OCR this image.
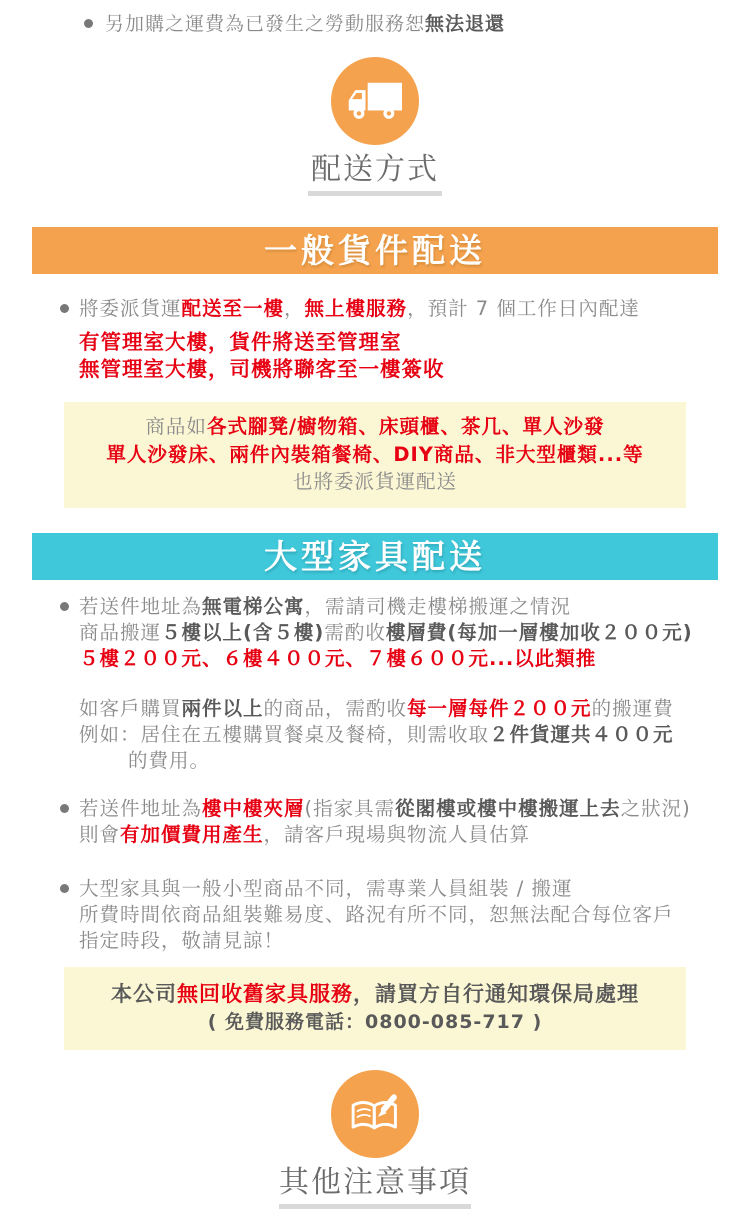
另加購之運費為已發生之勞動服務恕無法退還
配送方式
一般貨件配送
將委派貨運配送至一樓，無上樓服務，預計 7 個工作日內配達
有管理室大樓，貨件將送至管理室
無管理室大樓，司機將聯客至一樓簽收
商品如各式腳凳/櫥物箱、床頭櫃、茶几、單人沙發
單人沙發床、兩件內裝箱餐椅、DIY商品、非大型櫃類...等
也將委派貨運配送
大型家具配送
若送件地址為無電梯公寓，需請司機走樓梯搬運之情況
商品搬運５樓以上(含５樓)需酌收樓層費(每加一層樓加收２００元)
５樓２００元、６樓４００元、７樓６００元...以此類推
如客戶購買兩件以上的商品，需酌收每一層每件２００元的搬運費
例如：居住在五樓購買餐桌及餐椅，則需收取２件貨運共４００元
的費用。
若送件地址為樓中樓夾層(指家具需從閣樓或樓中樓搬運上去之狀況)
則會有加價費用產生，請客戶現場與物流人員估算
大型家具與一般小型商品不同，需專業人員組裝 / 搬運
所費時間依商品組裝難易度、路況有所不同，恕無法配合每位客戶
指定時段，敬請見諒！
本公司無回收舊家具服務，請買方自行通知環保局處理
( 免費服務電話：0800-085-717 )
其他注意事項
